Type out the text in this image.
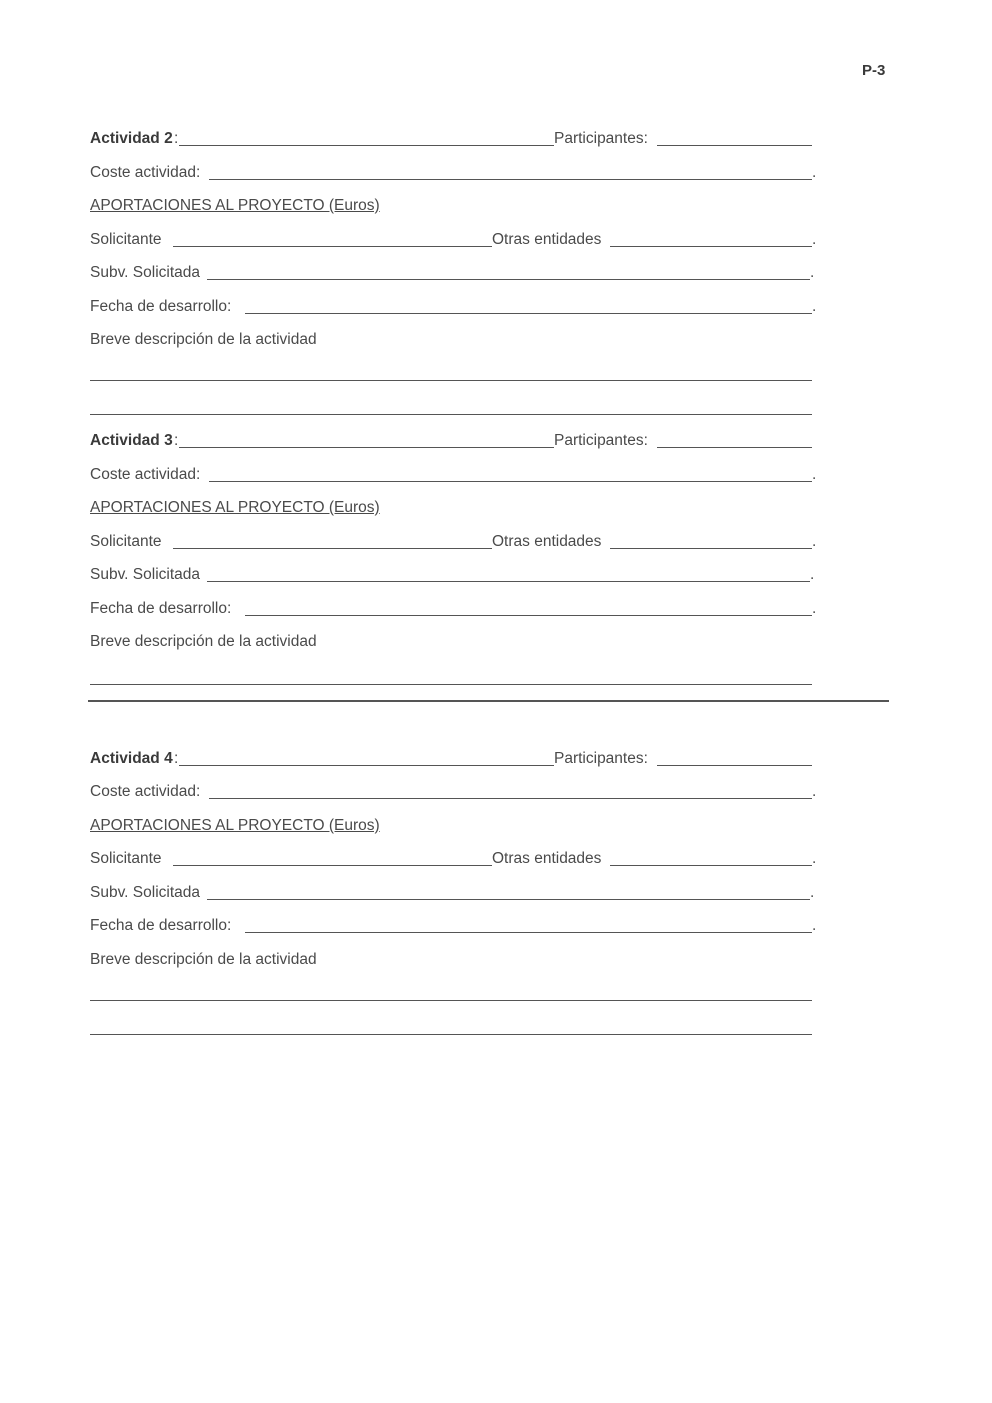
P-3
Actividad 2 :	Participantes:
Coste actividad:	.
APORTACIONES AL PROYECTO (Euros)
Solicitante	Otras entidades	.
Subv. Solicitada	.
Fecha de desarrollo:	.
Breve descripción de la actividad
Actividad 3 :	Participantes:
Coste actividad:	.
APORTACIONES AL PROYECTO (Euros)
Solicitante	Otras entidades	.
Subv. Solicitada	.
Fecha de desarrollo:	.
Breve descripción de la actividad
Actividad 4 :	Participantes:
Coste actividad:	.
APORTACIONES AL PROYECTO (Euros)
Solicitante	Otras entidades	.
Subv. Solicitada	.
Fecha de desarrollo:	.
Breve descripción de la actividad
